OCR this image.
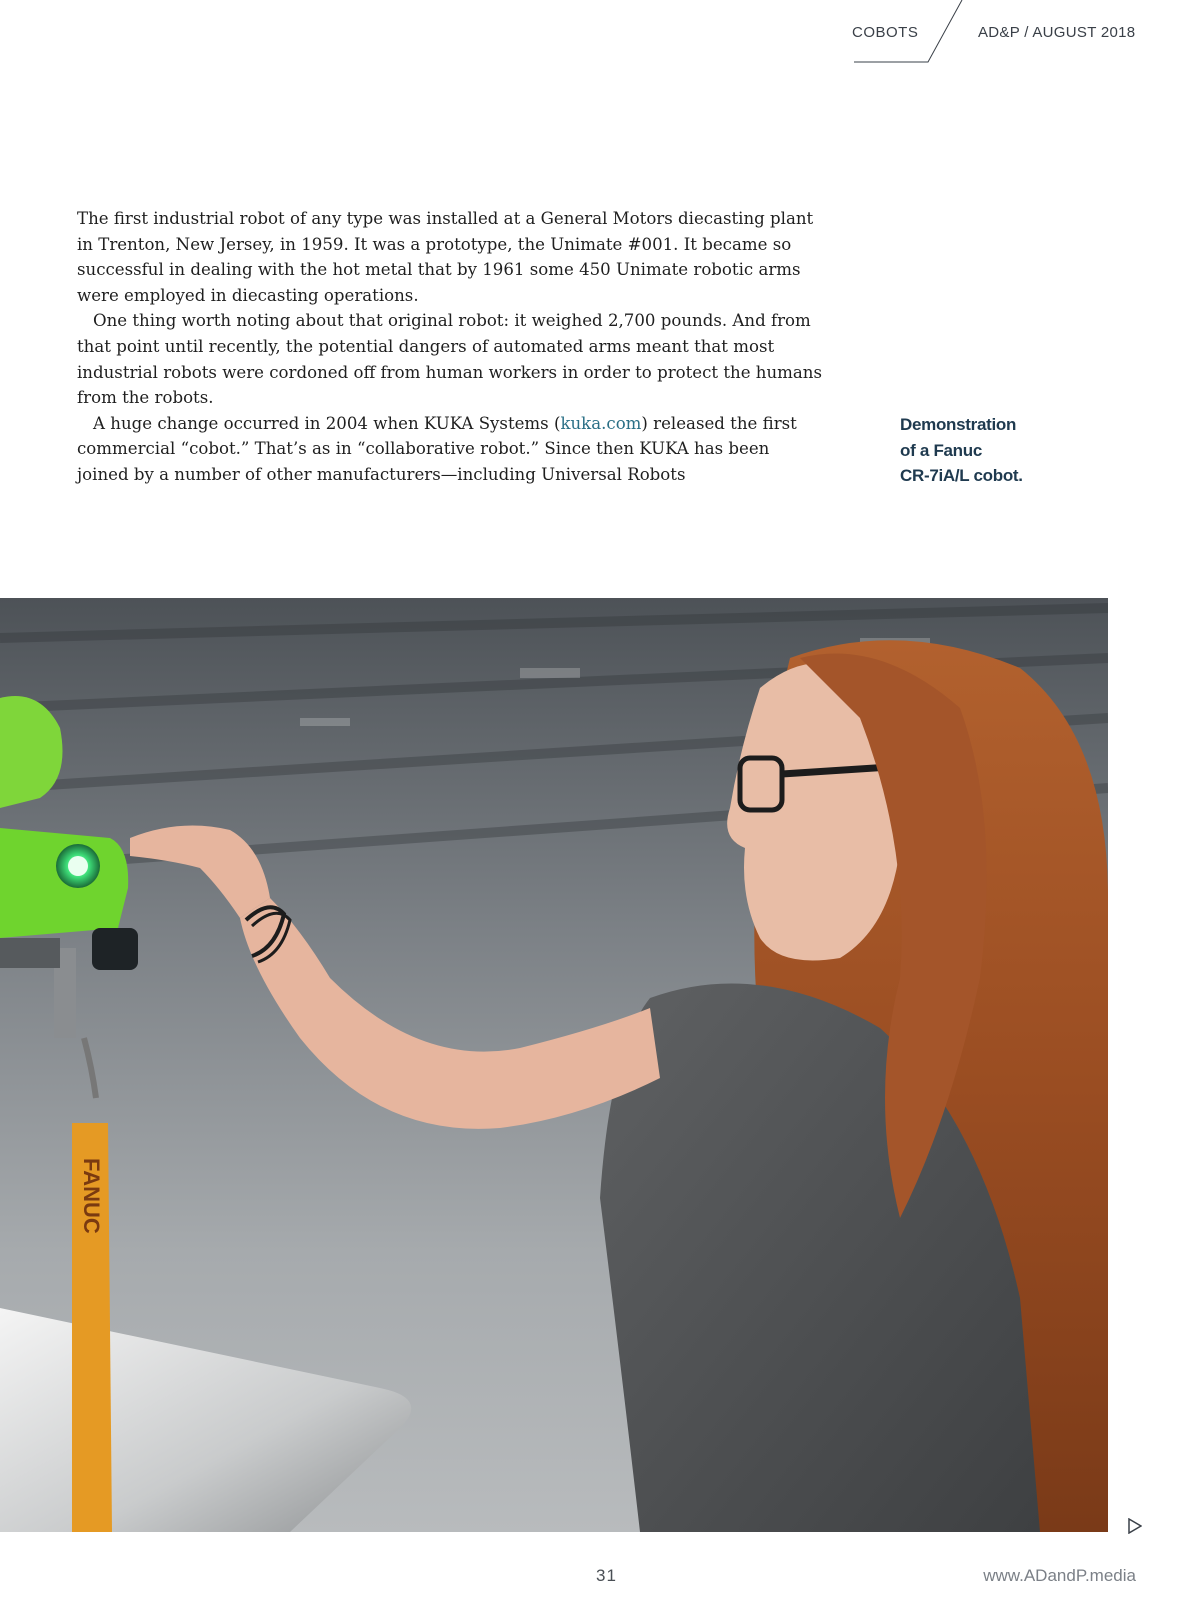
COBOTS	AD&P / AUGUST 2018

The first industrial robot of any type was installed at a General Motors diecasting plant in Trenton, New Jersey, in 1959. It was a prototype, the Unimate #001. It became so successful in dealing with the hot metal that by 1961 some 450 Unimate robotic arms were employed in diecasting operations.

One thing worth noting about that original robot: it weighed 2,700 pounds. And from that point until recently, the potential dangers of automated arms meant that most industrial robots were cordoned off from human workers in order to protect the humans from the robots.

A huge change occurred in 2004 when KUKA Systems (kuka.com) released the first commercial “cobot.” That’s as in “collaborative robot.” Since then KUKA has been joined by a number of other manufacturers—including Universal Robots

Demonstration
of a Fanuc
CR-7iA/L cobot.
FANUC
31	www.ADandP.media
